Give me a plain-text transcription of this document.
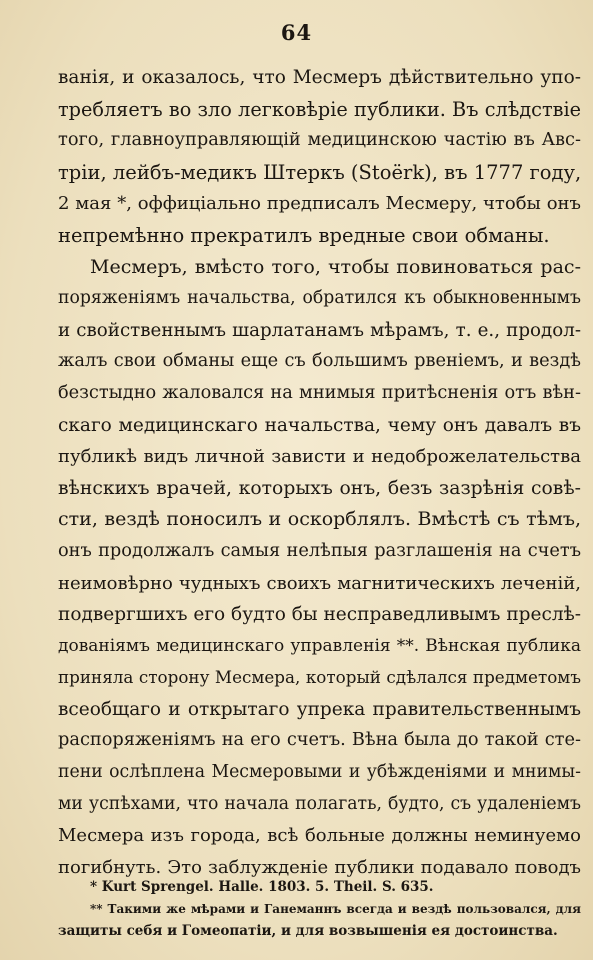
64
ванія, и оказалось, что Месмеръ дѣйствительно упо-
требляетъ во зло легковѣріе публики. Въ слѣдствіе
того, главноуправляющій медицинскою частію въ Авс-
тріи, лейбъ-медикъ Штеркъ (Stoërk), въ 1777 году,
2 мая *, оффиціально предписалъ Месмеру, чтобы онъ
непремѣнно прекратилъ вредные свои обманы.
Месмеръ, вмѣсто того, чтобы повиноваться рас-
поряженіямъ начальства, обратился къ обыкновеннымъ
и свойственнымъ шарлатанамъ мѣрамъ, т. е., продол-
жалъ свои обманы еще съ большимъ рвеніемъ, и вездѣ
безстыдно жаловался на мнимыя притѣсненія отъ вѣн-
скаго медицинскаго начальства, чему онъ давалъ въ
публикѣ видъ личной зависти и недоброжелательства
вѣнскихъ врачей, которыхъ онъ, безъ зазрѣнія совѣ-
сти, вездѣ поносилъ и оскорблялъ. Вмѣстѣ съ тѣмъ,
онъ продолжалъ самыя нелѣпыя разглашенія на счетъ
неимовѣрно чудныхъ своихъ магнитическихъ леченій,
подвергшихъ его будто бы несправедливымъ преслѣ-
дованіямъ медицинскаго управленія **. Вѣнская публика
приняла сторону Месмера, который сдѣлался предметомъ
всеобщаго и открытаго упрека правительственнымъ
распоряженіямъ на его счетъ. Вѣна была до такой сте-
пени ослѣплена Месмеровыми и убѣжденіями и мнимы-
ми успѣхами, что начала полагать, будто, съ удаленіемъ
Месмера изъ города, всѣ больные должны неминуемо
погибнуть. Это заблужденіе публики подавало поводъ
* Kurt Sprengel. Halle. 1803. 5. Theil. S. 635.
** Такими же мѣрами и Ганеманнъ всегда и вездѣ пользовался, для
защиты себя и Гомеопатіи, и для возвышенія ея достоинства.
